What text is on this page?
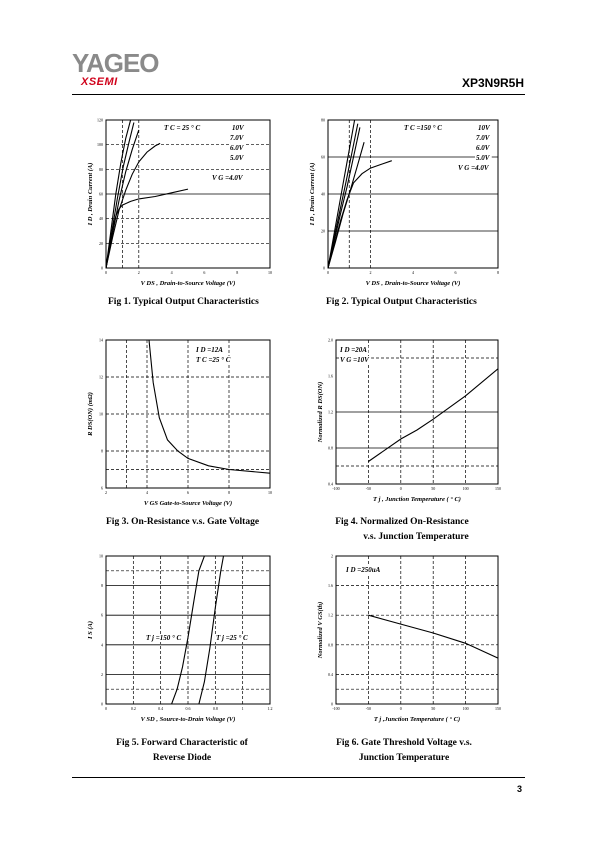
YAGEO
XSEMI	XP3N9R5H
0	2	4	6	8	10
0
20
40
60
80
100
120
V DS , Drain-to-Source Voltage (V)
I D , Drain Current (A)
T C = 25 ° C	10V
7.0V
6.0V
5.0V
V G =4.0V
0	2	4	6	8
0
20
40
60
80
V DS , Drain-to-Source Voltage (V)
I D , Drain Current (A)
T C =150 ° C	10V
7.0V
6.0V
5.0V
V G =4.0V
2	4	6	8	10
6
8
10
12
14
V GS Gate-to-Source Voltage (V)
R DS(ON) (mΩ)
I D =12A
T C =25 ° C
-100	-50	0	50	100	150
0.4
0.8
1.2
1.6
2.0
T j , Junction Temperature ( ° C)
Normalized R DS(ON)
I D =20A
V G =10V
0	0.2	0.4	0.6	0.8	1	1.2
0
2
4
6
8
10
V SD , Source-to-Drain Voltage (V)
I S (A)	T j =150 ° C	T j =25 ° C
-100	-50	0	50	100	150
0
0.4
0.8
1.2
1.6
2
T j ,Junction Temperature ( ° C)
Normalized V GS(th)
I D =250uA
Fig 1. Typical Output Characteristics	Fig 2. Typical Output Characteristics
Fig 3. On-Resistance v.s. Gate Voltage	Fig 4. Normalized On-Resistance
v.s. Junction Temperature
Fig 5. Forward Characteristic of
Reverse Diode
Fig 6. Gate Threshold Voltage v.s.
Junction Temperature
3
